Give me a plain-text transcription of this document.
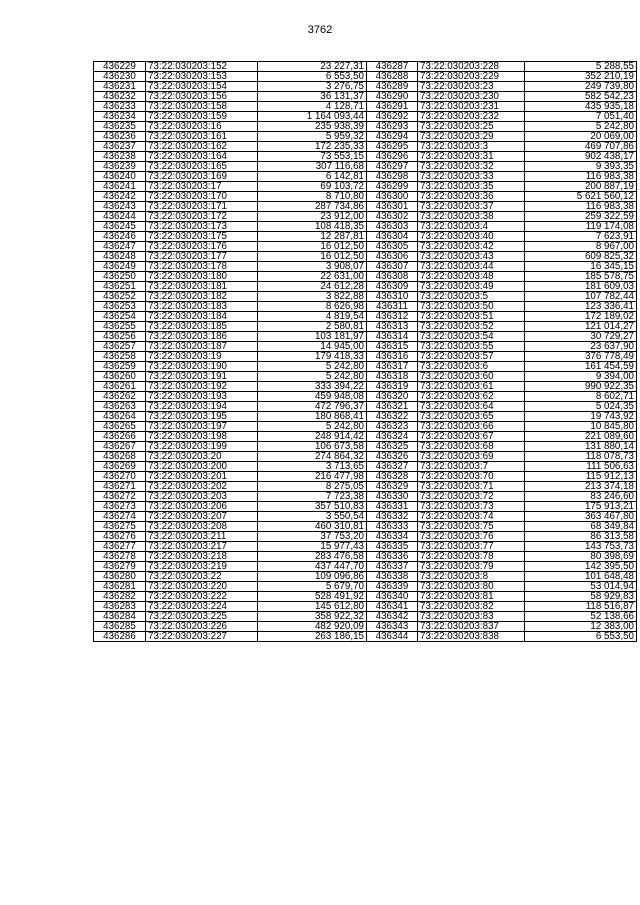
3762
436229	73:22:030203:152	23 227,31
436230	73:22:030203:153	6 553,50
436231	73:22:030203:154	3 276,75
436232	73:22:030203:156	36 131,37
436233	73:22:030203:158	4 128,71
436234	73:22:030203:159	1 164 093,44
436235	73:22:030203:16	235 938,39
436236	73:22:030203:161	5 959,32
436237	73:22:030203:162	172 235,33
436238	73:22:030203:164	73 553,15
436239	73:22:030203:165	307 116,68
436240	73:22:030203:169	6 142,81
436241	73:22:030203:17	69 103,72
436242	73:22:030203:170	8 710,80
436243	73:22:030203:171	287 734,86
436244	73:22:030203:172	23 912,00
436245	73:22:030203:173	108 418,35
436246	73:22:030203:175	12 287,81
436247	73:22:030203:176	16 012,50
436248	73:22:030203:177	16 012,50
436249	73:22:030203:178	3 908,07
436250	73:22:030203:180	22 631,00
436251	73:22:030203:181	24 612,28
436252	73:22:030203:182	3 822,88
436253	73:22:030203:183	8 626,98
436254	73:22:030203:184	4 819,54
436255	73:22:030203:185	2 580,81
436256	73:22:030203:186	103 181,97
436257	73:22:030203:187	14 945,00
436258	73:22:030203:19	179 418,33
436259	73:22:030203:190	5 242,80
436260	73:22:030203:191	5 242,80
436261	73:22:030203:192	333 394,22
436262	73:22:030203:193	459 948,08
436263	73:22:030203:194	472 796,37
436264	73:22:030203:195	180 868,41
436265	73:22:030203:197	5 242,80
436266	73:22:030203:198	248 914,42
436267	73:22:030203:199	106 673,58
436268	73:22:030203:20	274 864,32
436269	73:22:030203:200	3 713,65
436270	73:22:030203:201	216 477,98
436271	73:22:030203:202	8 275,05
436272	73:22:030203:203	7 723,38
436273	73:22:030203:206	357 510,83
436274	73:22:030203:207	3 550,54
436275	73:22:030203:208	460 310,81
436276	73:22:030203:211	37 753,20
436277	73:22:030203:217	15 977,43
436278	73:22:030203:218	283 476,58
436279	73:22:030203:219	437 447,70
436280	73:22:030203:22	109 096,86
436281	73:22:030203:220	5 679,70
436282	73:22:030203:222	528 491,92
436283	73:22:030203:224	145 612,80
436284	73:22:030203:225	358 922,32
436285	73:22:030203:226	482 920,09
436286	73:22:030203:227	263 186,15
436287	73:22:030203:228	5 288,55
436288	73:22:030203:229	352 210,19
436289	73:22:030203:23	249 739,80
436290	73:22:030203:230	582 542,23
436291	73:22:030203:231	435 935,18
436292	73:22:030203:232	7 051,40
436293	73:22:030203:25	5 242,80
436294	73:22:030203:29	20 069,00
436295	73:22:030203:3	469 707,86
436296	73:22:030203:31	902 438,17
436297	73:22:030203:32	9 393,35
436298	73:22:030203:33	116 983,38
436299	73:22:030203:35	200 887,19
436300	73:22:030203:36	5 621 560,12
436301	73:22:030203:37	116 983,38
436302	73:22:030203:38	259 322,59
436303	73:22:030203:4	119 174,08
436304	73:22:030203:40	7 623,91
436305	73:22:030203:42	8 967,00
436306	73:22:030203:43	609 825,32
436307	73:22:030203:44	16 345,15
436308	73:22:030203:48	185 578,75
436309	73:22:030203:49	181 609,03
436310	73:22:030203:5	107 782,44
436311	73:22:030203:50	123 336,41
436312	73:22:030203:51	172 189,02
436313	73:22:030203:52	121 014,27
436314	73:22:030203:54	30 729,27
436315	73:22:030203:55	23 637,90
436316	73:22:030203:57	376 778,49
436317	73:22:030203:6	161 454,59
436318	73:22:030203:60	9 394,00
436319	73:22:030203:61	990 922,35
436320	73:22:030203:62	8 602,71
436321	73:22:030203:64	5 024,35
436322	73:22:030203:65	19 743,92
436323	73:22:030203:66	10 845,80
436324	73:22:030203:67	221 089,60
436325	73:22:030203:68	131 880,14
436326	73:22:030203:69	118 078,73
436327	73:22:030203:7	111 506,63
436328	73:22:030203:70	115 912,13
436329	73:22:030203:71	213 374,18
436330	73:22:030203:72	83 246,60
436331	73:22:030203:73	175 913,21
436332	73:22:030203:74	363 467,80
436333	73:22:030203:75	68 349,84
436334	73:22:030203:76	86 313,58
436335	73:22:030203:77	143 753,73
436336	73:22:030203:78	80 398,69
436337	73:22:030203:79	142 395,50
436338	73:22:030203:8	101 648,48
436339	73:22:030203:80	53 014,94
436340	73:22:030203:81	58 929,83
436341	73:22:030203:82	118 516,87
436342	73:22:030203:83	52 138,66
436343	73:22:030203:837	12 383,00
436344	73:22:030203:838	6 553,50
